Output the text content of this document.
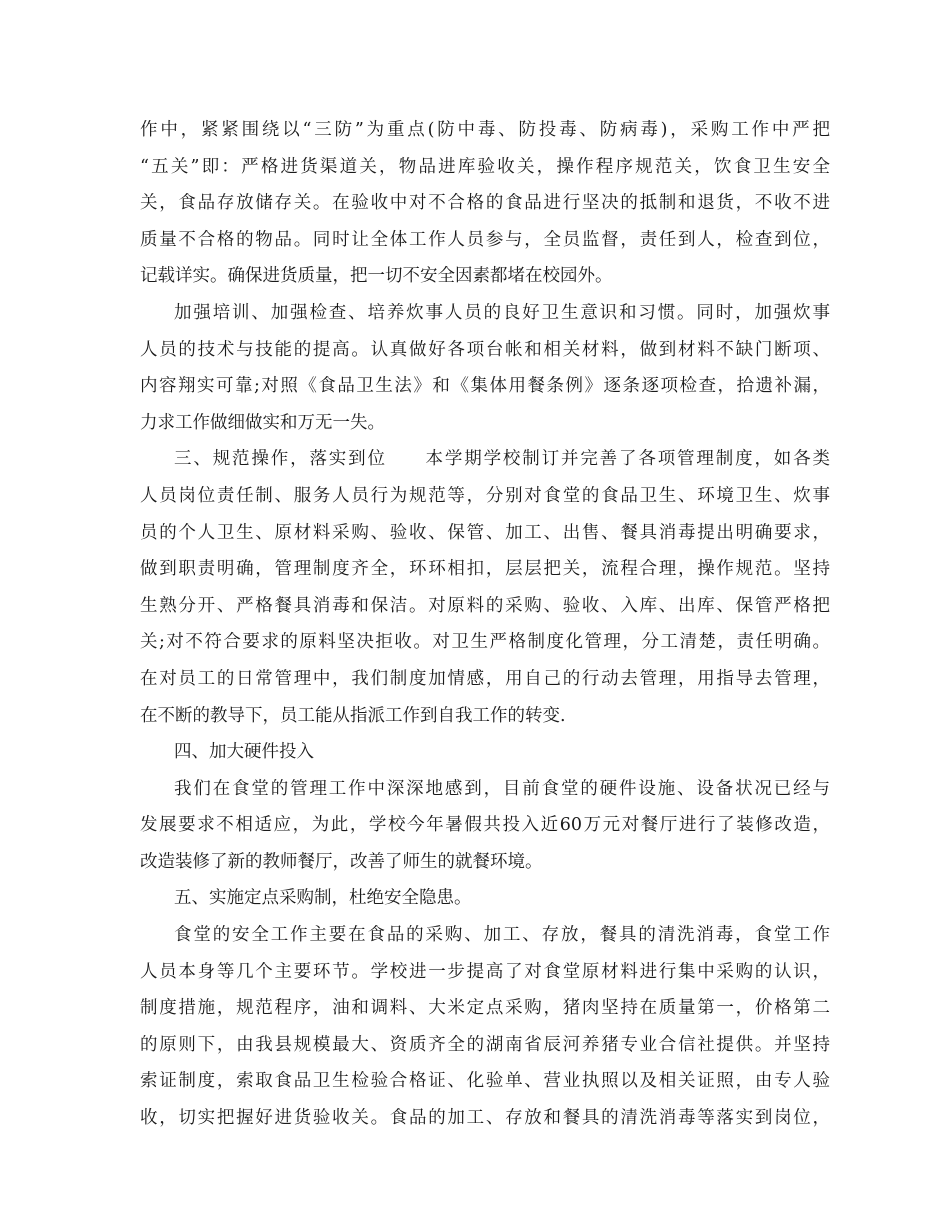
作中，紧紧围绕以“三防”为重点(防中毒、防投毒、防病毒)，采购工作中严把
“五关”即：严格进货渠道关，物品进库验收关，操作程序规范关，饮食卫生安全
关，食品存放储存关。在验收中对不合格的食品进行坚决的抵制和退货，不收不进
质量不合格的物品。同时让全体工作人员参与，全员监督，责任到人，检查到位，
记载详实。确保进货质量，把一切不安全因素都堵在校园外。
加强培训、加强检查、培养炊事人员的良好卫生意识和习惯。同时，加强炊事
人员的技术与技能的提高。认真做好各项台帐和相关材料，做到材料不缺门断项、
内容翔实可靠;对照《食品卫生法》和《集体用餐条例》逐条逐项检查，拾遗补漏，
力求工作做细做实和万无一失。
三、规范操作，落实到位　　本学期学校制订并完善了各项管理制度，如各类
人员岗位责任制、服务人员行为规范等，分别对食堂的食品卫生、环境卫生、炊事
员的个人卫生、原材料采购、验收、保管、加工、出售、餐具消毒提出明确要求，
做到职责明确，管理制度齐全，环环相扣，层层把关，流程合理，操作规范。坚持
生熟分开、严格餐具消毒和保洁。对原料的采购、验收、入库、出库、保管严格把
关;对不符合要求的原料坚决拒收。对卫生严格制度化管理，分工清楚，责任明确。
在对员工的日常管理中，我们制度加情感，用自己的行动去管理，用指导去管理，
在不断的教导下，员工能从指派工作到自我工作的转变.
四、加大硬件投入
我们在食堂的管理工作中深深地感到，目前食堂的硬件设施、设备状况已经与
发展要求不相适应，为此，学校今年暑假共投入近60万元对餐厅进行了装修改造，
改造装修了新的教师餐厅，改善了师生的就餐环境。
五、实施定点采购制，杜绝安全隐患。
食堂的安全工作主要在食品的采购、加工、存放，餐具的清洗消毒，食堂工作
人员本身等几个主要环节。学校进一步提高了对食堂原材料进行集中采购的认识，
制度措施，规范程序，油和调料、大米定点采购，猪肉坚持在质量第一，价格第二
的原则下，由我县规模最大、资质齐全的湖南省辰河养猪专业合信社提供。并坚持
索证制度，索取食品卫生检验合格证、化验单、营业执照以及相关证照，由专人验
收，切实把握好进货验收关。食品的加工、存放和餐具的清洗消毒等落实到岗位，
